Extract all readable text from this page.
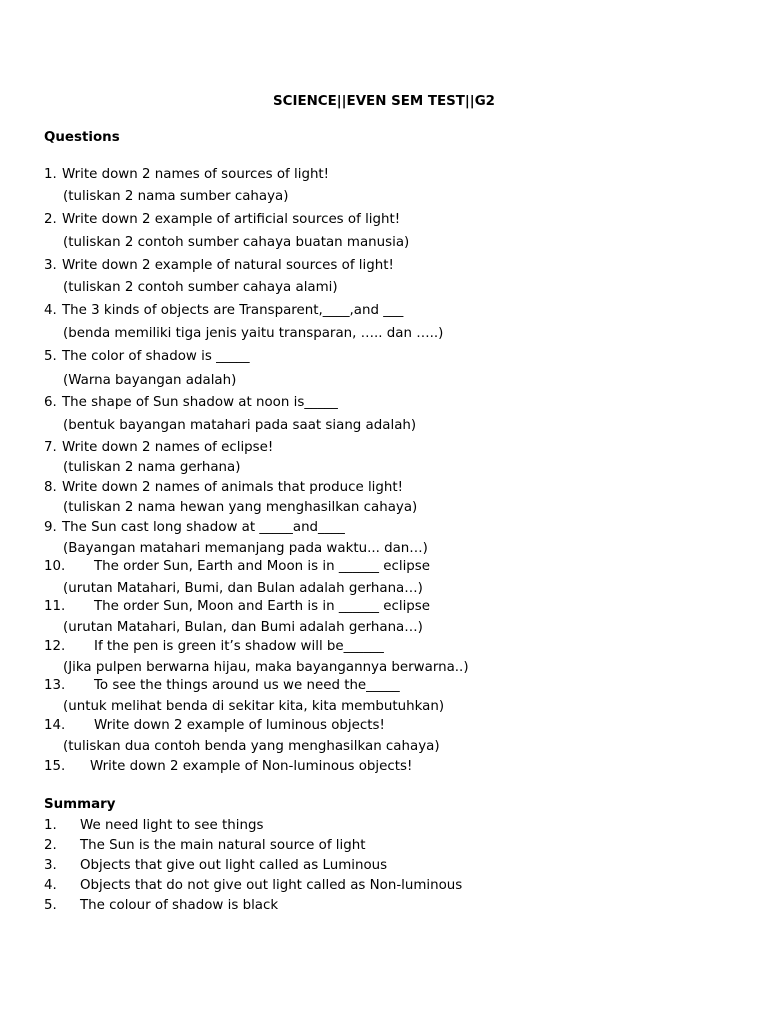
SCIENCE||EVEN SEM TEST||G2
Questions
1. Write down 2 names of sources of light!
(tuliskan 2 nama sumber cahaya)
2. Write down 2 example of artificial sources of light!
(tuliskan 2 contoh sumber cahaya buatan manusia)
3. Write down 2 example of natural sources of light!
(tuliskan 2 contoh sumber cahaya alami)
4. The 3 kinds of objects are Transparent,____,and ___
(benda memiliki tiga jenis yaitu transparan, ….. dan …..)
5. The color of shadow is _____
(Warna bayangan adalah)
6. The shape of Sun shadow at noon is_____
(bentuk bayangan matahari pada saat siang adalah)
7. Write down 2 names of eclipse!
(tuliskan 2 nama gerhana)
8. Write down 2 names of animals that produce light!
(tuliskan 2 nama hewan yang menghasilkan cahaya)
9. The Sun cast long shadow at _____and____
(Bayangan matahari memanjang pada waktu... dan…)
10. The order Sun, Earth and Moon is in ______ eclipse
(urutan Matahari, Bumi, dan Bulan adalah gerhana…)
11. The order Sun, Moon and Earth is in ______ eclipse
(urutan Matahari, Bulan, dan Bumi adalah gerhana…)
12. If the pen is green it’s shadow will be______
(Jika pulpen berwarna hijau, maka bayangannya berwarna..)
13. To see the things around us we need the_____
(untuk melihat benda di sekitar kita, kita membutuhkan)
14. Write down 2 example of luminous objects!
(tuliskan dua contoh benda yang menghasilkan cahaya)
15. Write down 2 example of Non-luminous objects!
Summary
1. We need light to see things
2. The Sun is the main natural source of light
3. Objects that give out light called as Luminous
4. Objects that do not give out light called as Non-luminous
5. The colour of shadow is black
